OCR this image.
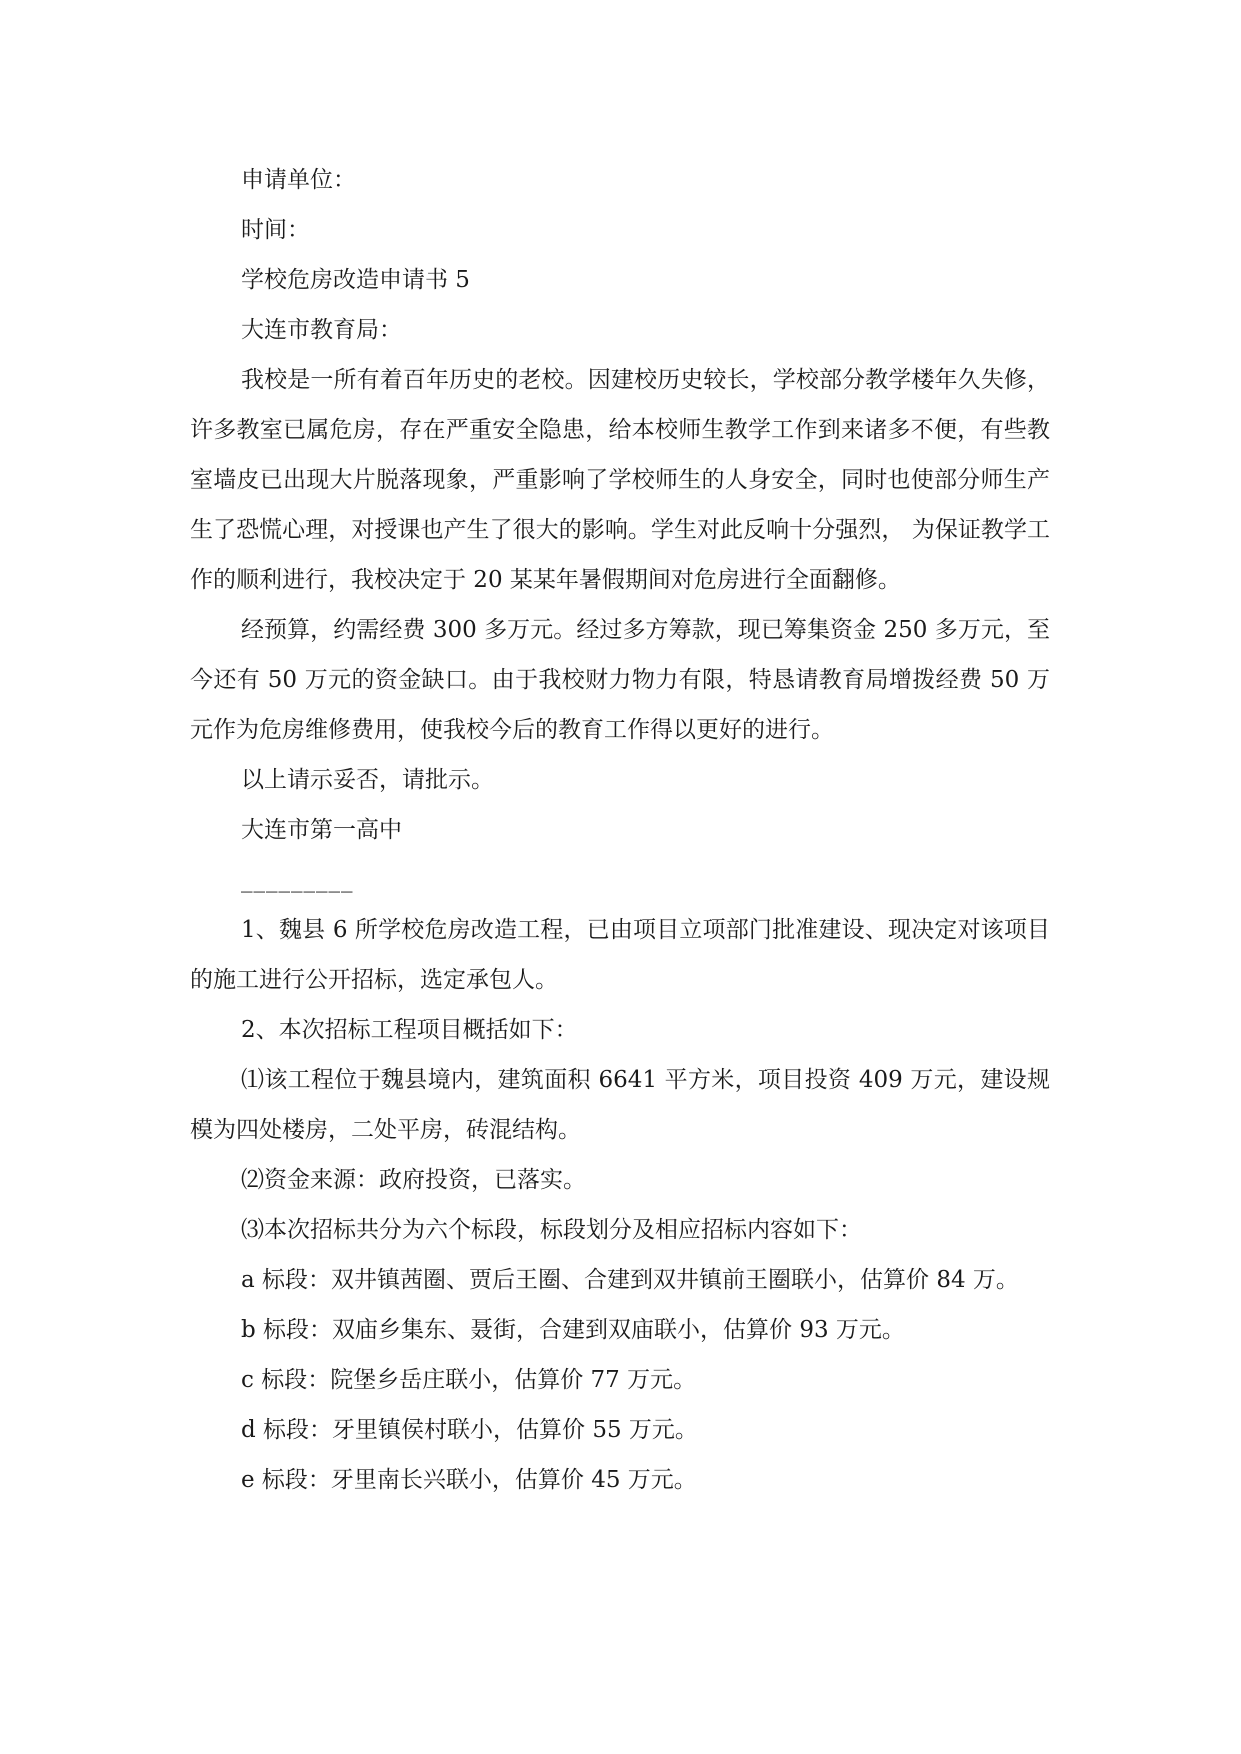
申请单位：
时间：
学校危房改造申请书 5
大连市教育局：

我校是一所有着百年历史的老校。因建校历史较长，学校部分教学楼年久失修，许多教室已属危房，存在严重安全隐患，给本校师生教学工作到来诸多不便，有些教室墙皮已出现大片脱落现象，严重影响了学校师生的人身安全，同时也使部分师生产生了恐慌心理，对授课也产生了很大的影响。学生对此反响十分强烈， 为保证教学工作的顺利进行，我校决定于 20 某某年暑假期间对危房进行全面翻修。

经预算，约需经费 300 多万元。经过多方筹款，现已筹集资金 250 多万元，至今还有 50 万元的资金缺口。由于我校财力物力有限，特恳请教育局增拨经费 50 万元作为危房维修费用，使我校今后的教育工作得以更好的进行。

以上请示妥否，请批示。
大连市第一高中
_________

1、魏县 6 所学校危房改造工程，已由项目立项部门批准建设、现决定对该项目的施工进行公开招标，选定承包人。

2、本次招标工程项目概括如下：

⑴该工程位于魏县境内，建筑面积 6641 平方米，项目投资 409 万元，建设规模为四处楼房，二处平房，砖混结构。

⑵资金来源：政府投资，已落实。
⑶本次招标共分为六个标段，标段划分及相应招标内容如下：

a 标段：双井镇茜圈、贾后王圈、合建到双井镇前王圈联小，估算价 84 万。

b 标段：双庙乡集东、聂街，合建到双庙联小，估算价 93 万元。
c 标段：院堡乡岳庄联小，估算价 77 万元。
d 标段：牙里镇侯村联小，估算价 55 万元。
e 标段：牙里南长兴联小，估算价 45 万元。
